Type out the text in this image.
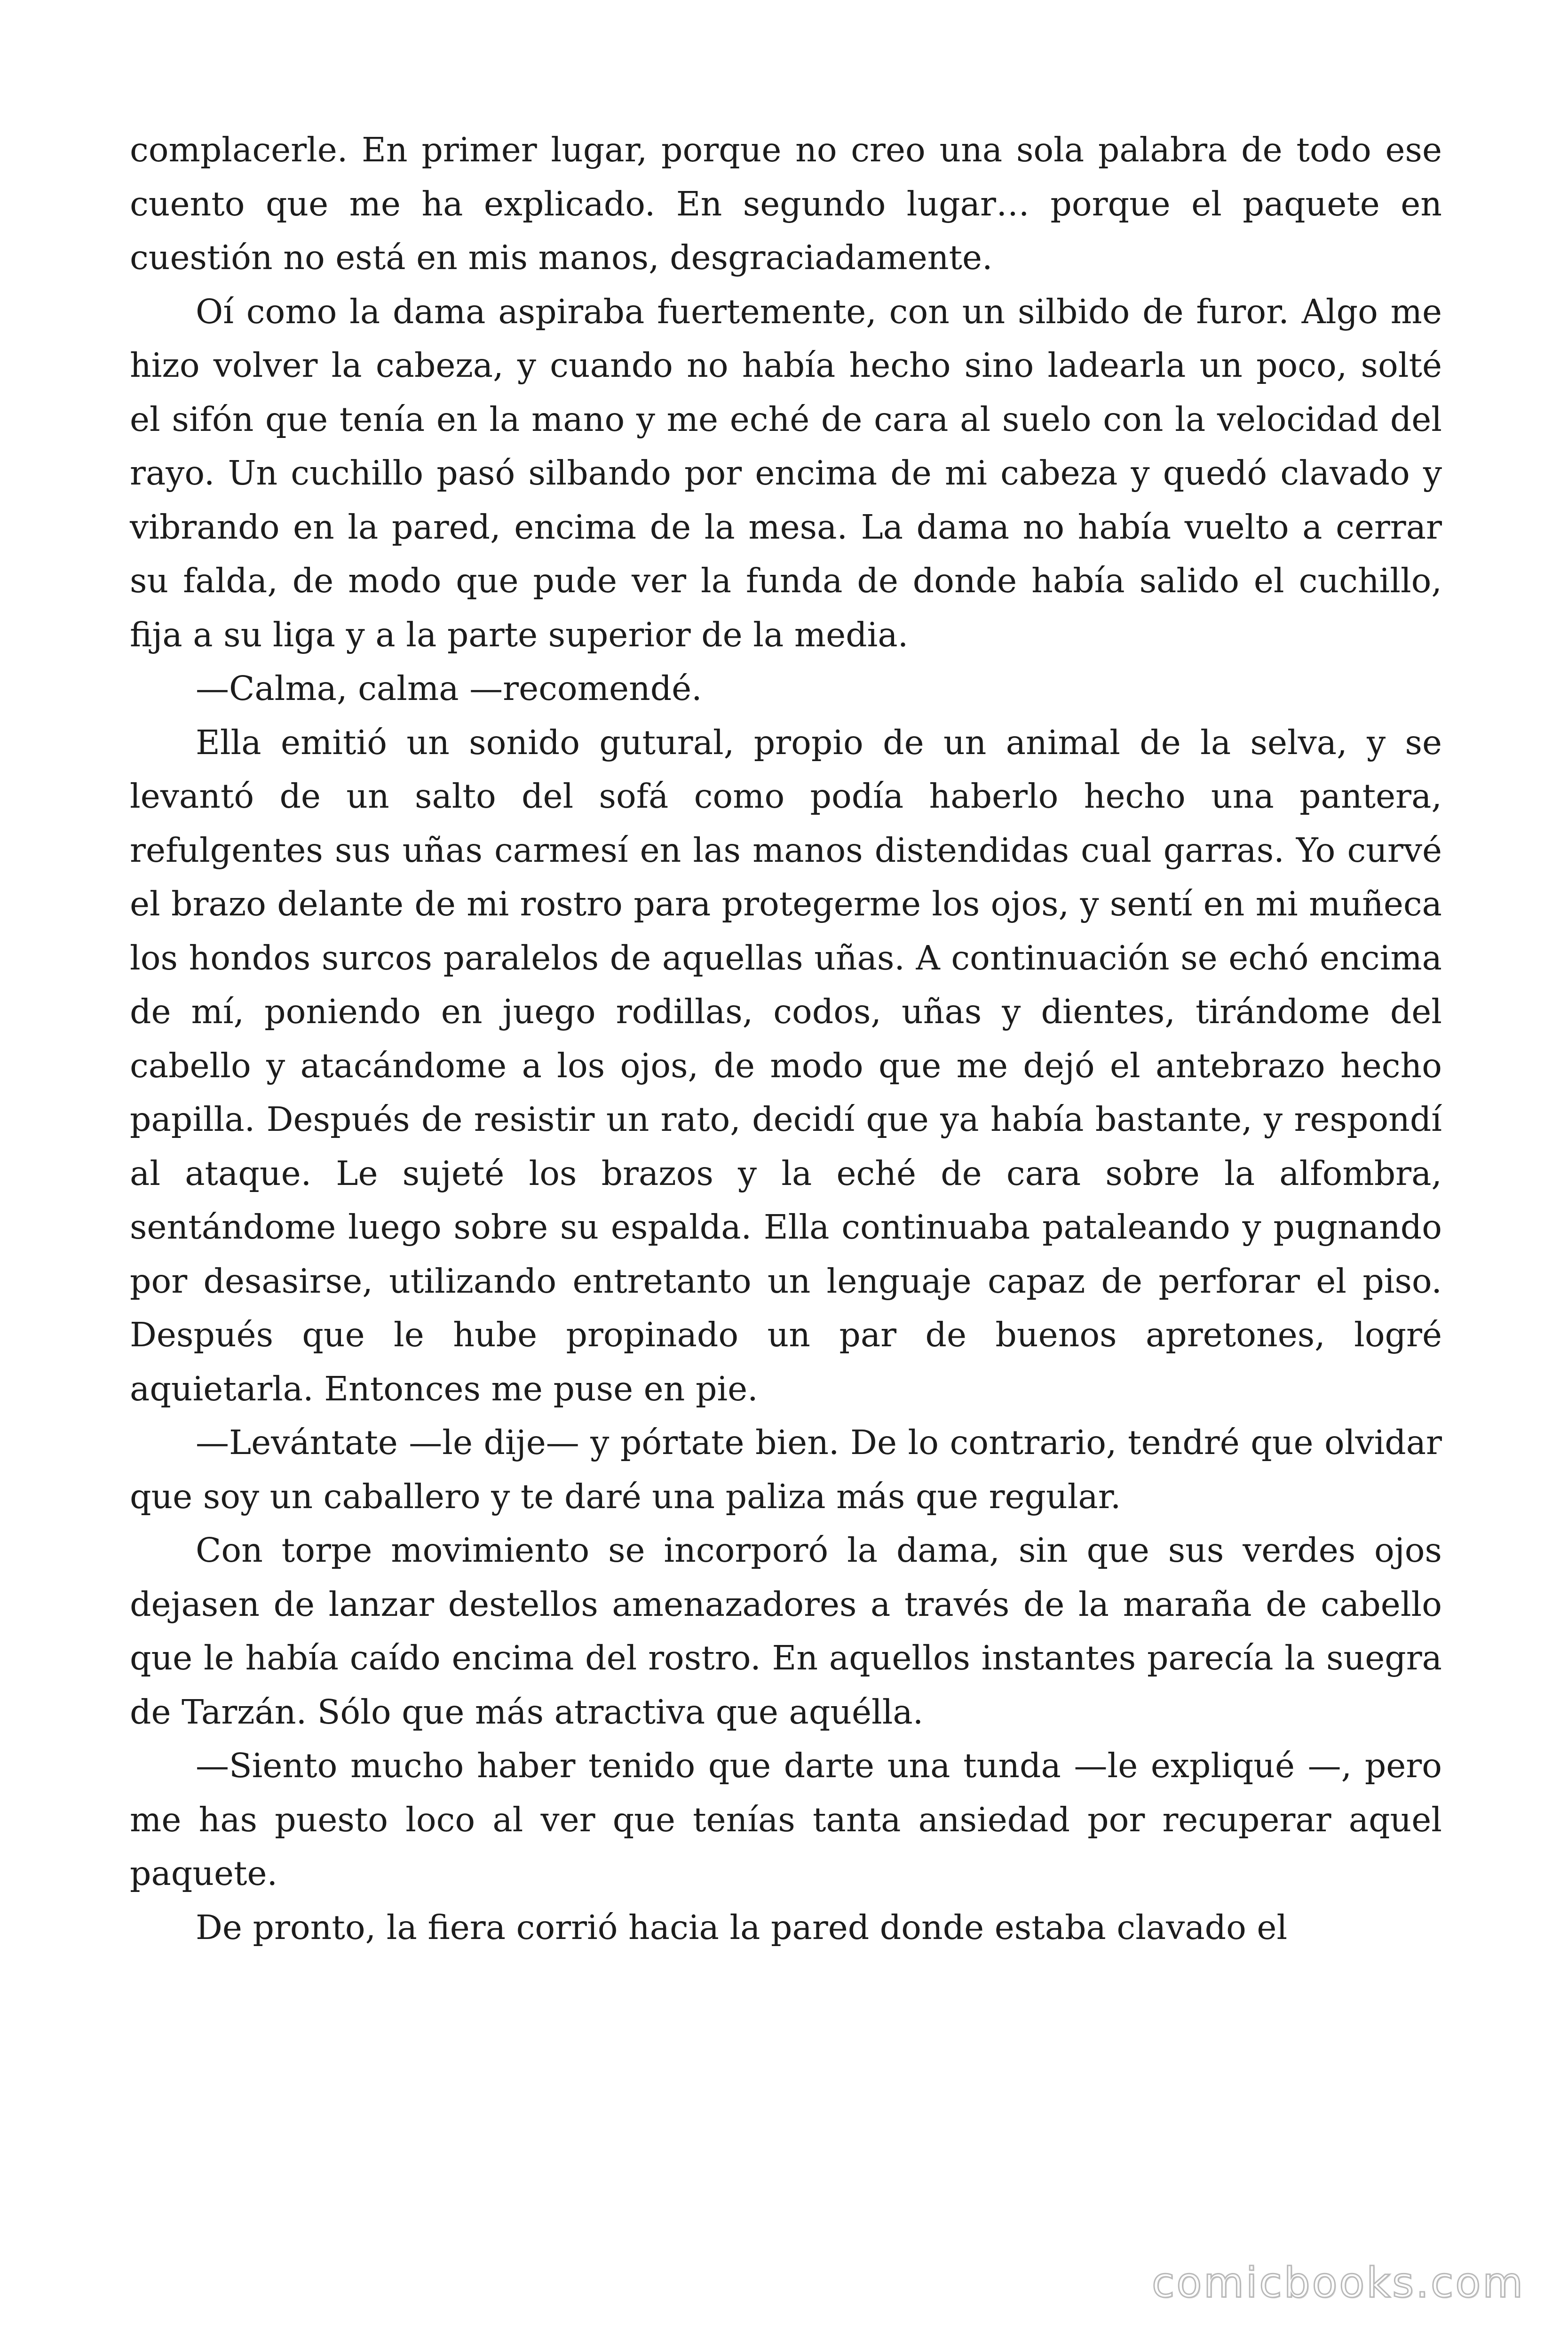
complacerle. En primer lugar, porque no creo una sola palabra de todo ese cuento que me ha explicado. En segundo lugar… porque el paquete en cuestión no está en mis manos, desgraciadamente.

Oí como la dama aspiraba fuertemente, con un silbido de furor. Algo me hizo volver la cabeza, y cuando no había hecho sino ladearla un poco, solté el sifón que tenía en la mano y me eché de cara al suelo con la velocidad del rayo. Un cuchillo pasó silbando por encima de mi cabeza y quedó clavado y vibrando en la pared, encima de la mesa. La dama no había vuelto a cerrar su falda, de modo que pude ver la funda de donde había salido el cuchillo, fija a su liga y a la parte superior de la media.

—Calma, calma —recomendé.

Ella emitió un sonido gutural, propio de un animal de la selva, y se levantó de un salto del sofá como podía haberlo hecho una pantera, refulgentes sus uñas carmesí en las manos distendidas cual garras. Yo curvé el brazo delante de mi rostro para protegerme los ojos, y sentí en mi muñeca los hondos surcos paralelos de aquellas uñas. A continuación se echó encima de mí, poniendo en juego rodillas, codos, uñas y dientes, tirándome del cabello y atacándome a los ojos, de modo que me dejó el antebrazo hecho papilla. Después de resistir un rato, decidí que ya había bastante, y respondí al ataque. Le sujeté los brazos y la eché de cara sobre la alfombra, sentándome luego sobre su espalda. Ella continuaba pataleando y pugnando por desasirse, utilizando entretanto un lenguaje capaz de perforar el piso. Después que le hube propinado un par de buenos apretones, logré aquietarla. Entonces me puse en pie.

—Levántate —le dije— y pórtate bien. De lo contrario, tendré que olvidar que soy un caballero y te daré una paliza más que regular.

Con torpe movimiento se incorporó la dama, sin que sus verdes ojos dejasen de lanzar destellos amenazadores a través de la maraña de cabello que le había caído encima del rostro. En aquellos instantes parecía la suegra de Tarzán. Sólo que más atractiva que aquélla.

—Siento mucho haber tenido que darte una tunda —le expliqué —, pero me has puesto loco al ver que tenías tanta ansiedad por recuperar aquel paquete.

De pronto, la fiera corrió hacia la pared donde estaba clavado el

comicbooks.com
